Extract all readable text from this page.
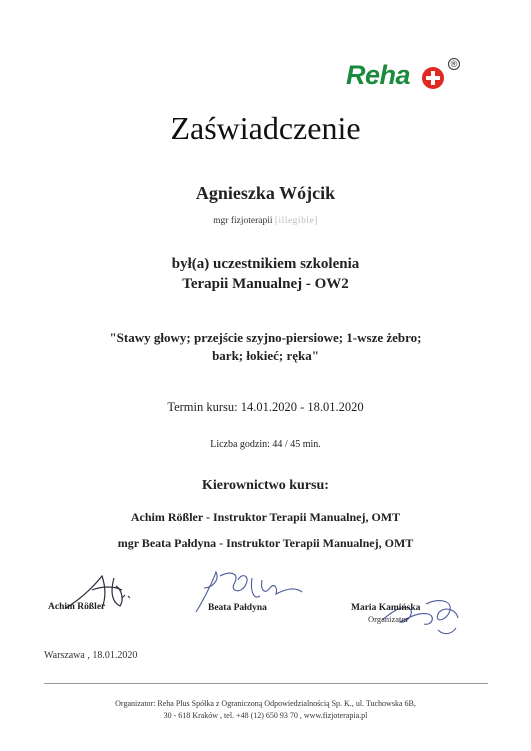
Reha	®
Zaświadczenie
Agnieszka Wójcik
mgr fizjoterapii [illegible]
był(a) uczestnikiem szkolenia
Terapii Manualnej - OW2
"Stawy głowy; przejście szyjno-piersiowe; 1-wsze żebro;
bark; łokieć; ręka"
Termin kursu: 14.01.2020 - 18.01.2020
Liczba godzin: 44 / 45 min.
Kierownictwo kursu:
Achim Rößler - Instruktor Terapii Manualnej, OMT
mgr Beata Pałdyna - Instruktor Terapii Manualnej, OMT
Achim Rößler	Beata Pałdyna	Maria Kamińska
Organizator
Warszawa , 18.01.2020
Organizator: Reha Plus Spółka z Ograniczoną Odpowiedzialnością Sp. K., ul. Tuchowska 6B,
30 - 618 Kraków , tel. +48 (12) 650 93 70 , www.fizjoterapia.pl
